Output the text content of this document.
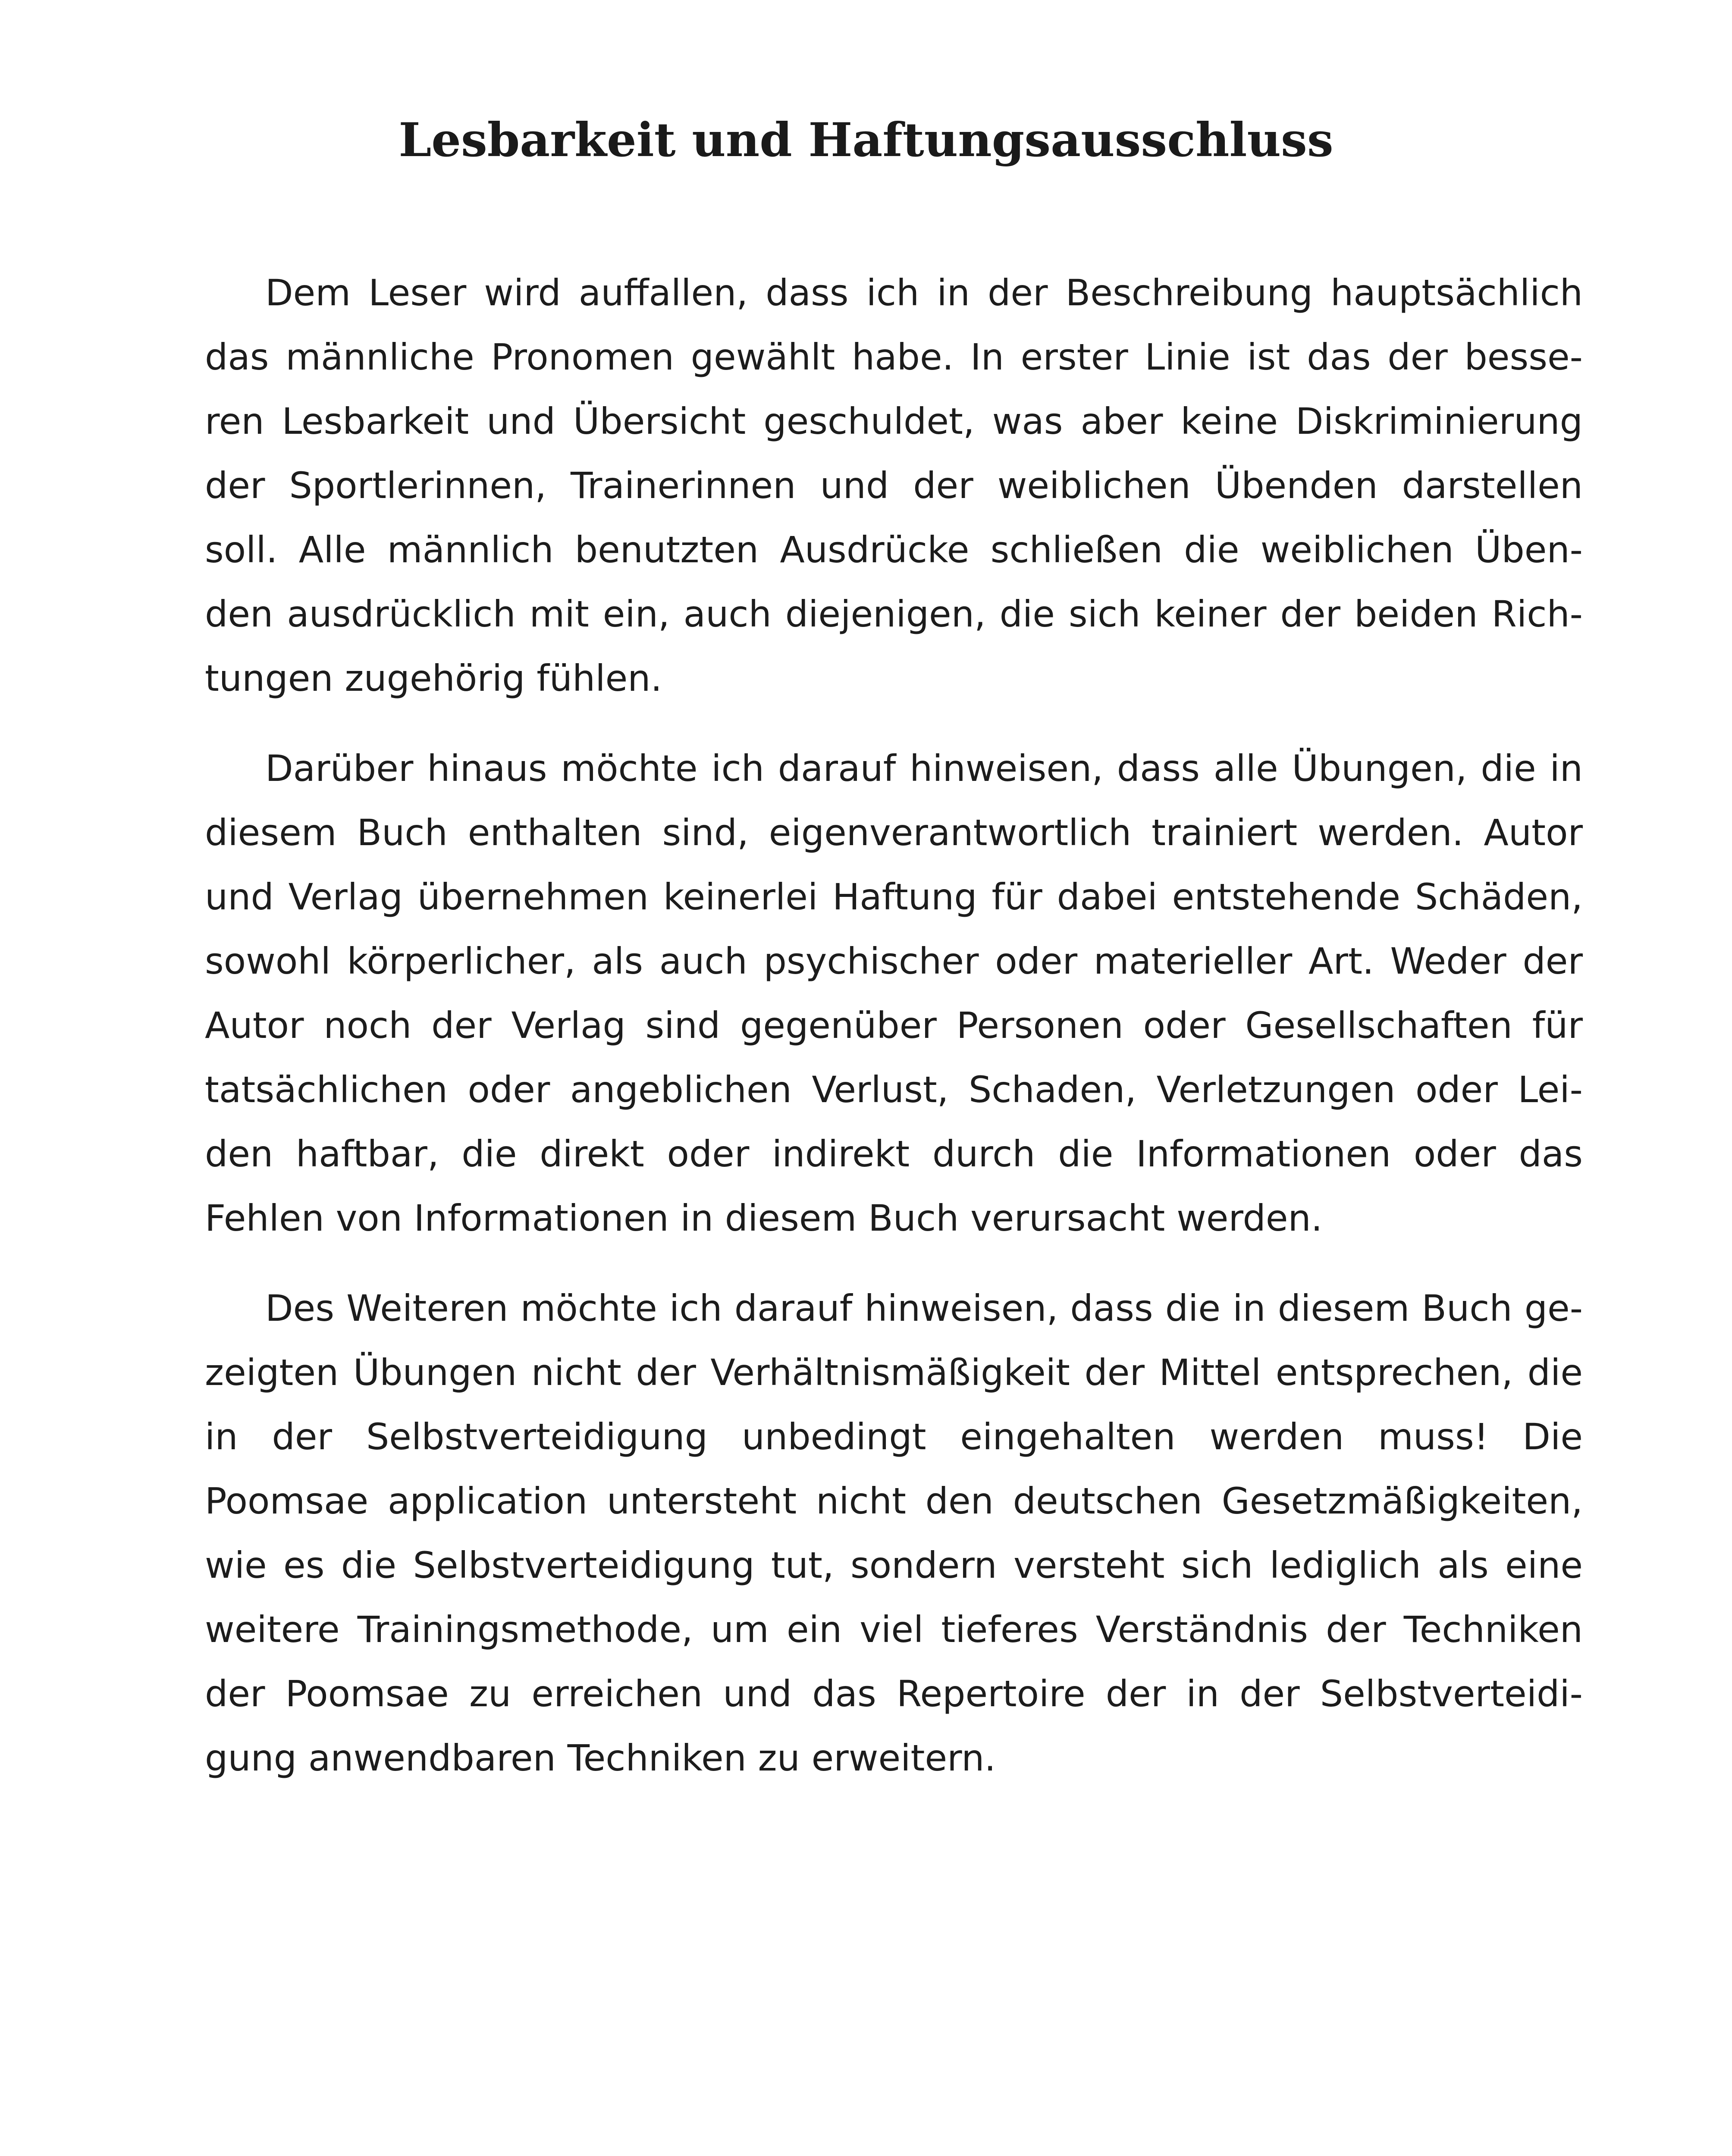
Lesbarkeit und Haftungsausschluss

Dem Leser wird auffallen, dass ich in der Beschreibung hauptsächlich
das männliche Pronomen gewählt habe. In erster Linie ist das der besse-
ren Lesbarkeit und Übersicht geschuldet, was aber keine Diskriminierung
der Sportlerinnen, Trainerinnen und der weiblichen Übenden darstellen
soll. Alle männlich benutzten Ausdrücke schließen die weiblichen Üben-
den ausdrücklich mit ein, auch diejenigen, die sich keiner der beiden Rich-
tungen zugehörig fühlen.

Darüber hinaus möchte ich darauf hinweisen, dass alle Übungen, die in
diesem Buch enthalten sind, eigenverantwortlich trainiert werden. Autor
und Verlag übernehmen keinerlei Haftung für dabei entstehende Schäden,
sowohl körperlicher, als auch psychischer oder materieller Art. Weder der
Autor noch der Verlag sind gegenüber Personen oder Gesellschaften für
tatsächlichen oder angeblichen Verlust, Schaden, Verletzungen oder Lei-
den haftbar, die direkt oder indirekt durch die Informationen oder das
Fehlen von Informationen in diesem Buch verursacht werden.

Des Weiteren möchte ich darauf hinweisen, dass die in diesem Buch ge-
zeigten Übungen nicht der Verhältnismäßigkeit der Mittel entsprechen, die
in der Selbstverteidigung unbedingt eingehalten werden muss! Die
Poomsae application untersteht nicht den deutschen Gesetzmäßigkeiten,
wie es die Selbstverteidigung tut, sondern versteht sich lediglich als eine
weitere Trainingsmethode, um ein viel tieferes Verständnis der Techniken
der Poomsae zu erreichen und das Repertoire der in der Selbstverteidi-
gung anwendbaren Techniken zu erweitern.
